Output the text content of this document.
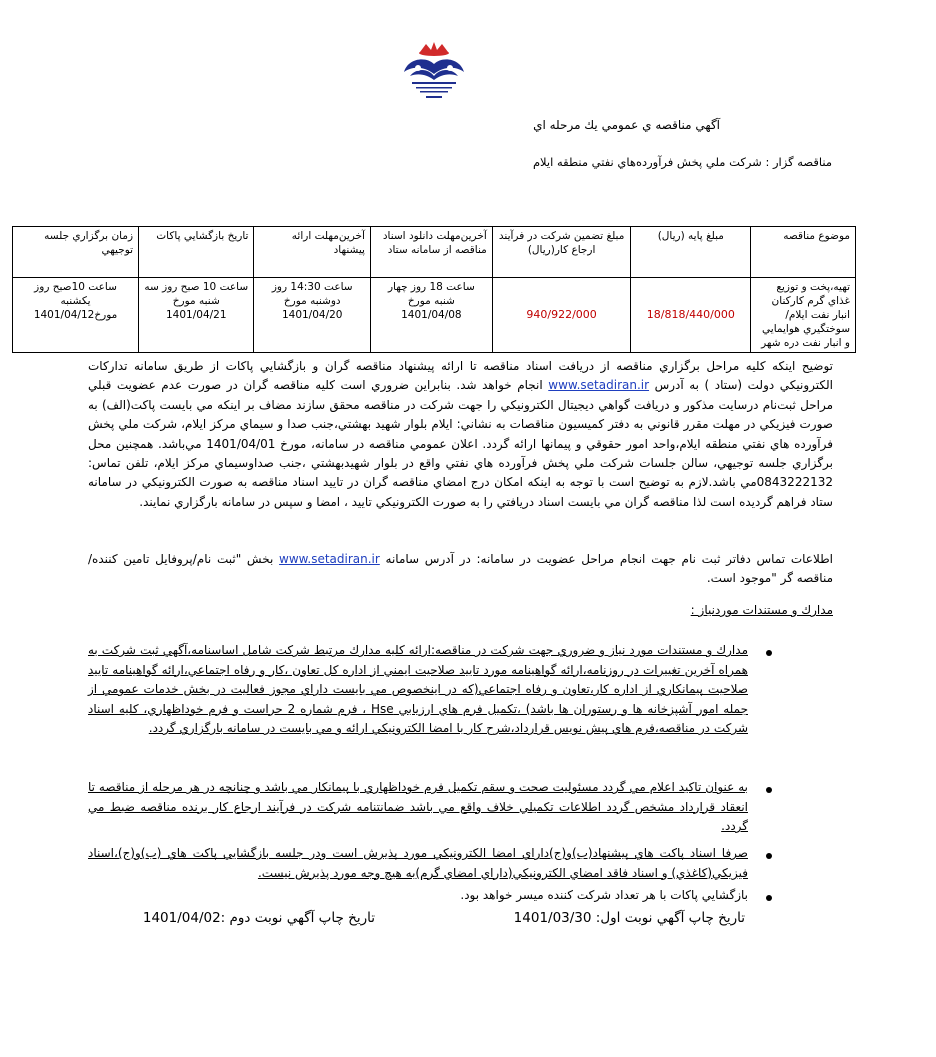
آگهي مناقصه ي عمومي يك مرحله اي
مناقصه گزار : شرکت ملي پخش فرآورده‌هاي نفتي منطقه ايلام
موضوع مناقصه	مبلغ پايه (ريال)	مبلغ تضمين شرکت در فرآيند ارجاع كار(ريال)	آخرين‌مهلت دانلود اسناد مناقصه از سامانه ستاد	آخرين‌مهلت ارائه پيشنهاد	تاريخ بازگشايي پاكات	زمان برگزاري جلسه توجيهي
تهيه،پخت و توزيع غذاي گرم كاركنان انبار نفت ايلام/سوختگيري هوايمايي و انبار نفت دره شهر	18/818/440/000	940/922/000	ساعت 18 روز چهار شنبه مورخ 1401/04/08	ساعت 14:30 روز دوشنبه مورخ 1401/04/20	ساعت 10 صبح روز سه شنبه مورخ 1401/04/21	ساعت 10صبح روز يكشنبه مورخ1401/04/12
توضيح اينكه كليه مراحل برگزاري مناقصه از دريافت اسناد مناقصه تا ارائه پيشنهاد مناقصه گران و بازگشايي پاكات از طريق سامانه تداركات الكترونيكي دولت (ستاد ) به آدرس www.setadiran.ir انجام خواهد شد. بنابراين ضروري است كليه مناقصه گران در صورت عدم عضويت قبلي مراحل ثبت‌نام درسايت مذكور و دريافت گواهي ديجيتال الكترونيكي را جهت شركت در مناقصه محقق سازند مضاف بر اينكه مي بايست پاكت(الف) به صورت فيزيكي در مهلت مقرر قانوني به دفتر كميسيون مناقصات به نشاني: ايلام بلوار شهيد بهشتي،جنب صدا و سيماي مركز ايلام، شركت ملي پخش فرآورده هاي نفتي منطقه ايلام،واحد امور حقوقي و پيمانها ارائه گردد. اعلان عمومي مناقصه در سامانه، مورخ 1401/04/01 مي‌باشد. همچنين محل برگزاري جلسه توجيهي، سالن جلسات شركت ملي پخش فرآورده هاي نفتي واقع در بلوار شهيدبهشتي ،جنب صداوسيماي مركز ايلام، تلفن تماس: 0843222132مي باشد.لازم به توضيح است با توجه به اينكه امكان درج امضاي مناقصه گران در تاييد اسناد مناقصه به صورت الكترونيكي در سامانه ستاد فراهم گرديده است لذا مناقصه گران مي بايست اسناد دريافتي را به صورت الكترونيكي تاييد ، امضا و سپس در سامانه بارگزاري نمايند.
اطلاعات تماس دفاتر ثبت نام جهت انجام مراحل عضويت در سامانه: در آدرس سامانه www.setadiran.ir بخش "ثبت نام/پروفايل تامين كننده/مناقصه گر "موجود است.
مدارك و مستندات موردنياز :
مدارك و مستندات مورد نياز و ضروري جهت شركت در مناقصه:ارائه كليه مدارك مرتبط شركت شامل اساسنامه،آگهي ثبت شركت به همراه آخرين تغييرات در روزنامه،ارائه گواهينامه مورد تاييد صلاحيت ايمني از اداره كل تعاون ،كار و رفاه اجتماعي،ارائه گواهينامه تاييد صلاحيت پيمانكاري از اداره كار،تعاون و رفاه اجتماعي(كه در اينخصوص مي بايست داراي مجوز فعاليت در بخش خدمات عمومي از جمله امور آشپزخانه ها و رستوران ها باشد) ،تكميل فرم هاي ارزيابي Hse ، فرم شماره 2 حراست و فرم خوداظهاري، كليه اسناد شركت در مناقصه،فرم هاي پيش نويس قرارداد،شرح كار با امضا الكترونيكي ارائه و مي بايست در سامانه بارگزاري گردد.
به عنوان تاكيد اعلام مي گردد مسئوليت صحت و سقم تكميل فرم خوداظهاري با پيمانكار مي باشد و چنانچه در هر مرحله از مناقصه تا انعقاد قرارداد مشخص گردد اطلاعات تكميلي خلاف واقع مي باشد ضمانتنامه شركت در فرآيند ارجاع كار برنده مناقصه ضبط مي گردد.
صرفا اسناد پاكت هاي پيشنهاد(ب)و(ج)داراي امضا الكترونيكي مورد پذيرش است ودر جلسه بازگشايي پاكت هاي (ب)و(ج)،اسناد فيزيكي(كاغذي) و اسناد فاقد امضاي الكترونيكي(داراي امضاي گرم)به هيچ وجه مورد پذيرش نيست.
بازگشايي پاكات با هر تعداد شركت كننده ميسر خواهد بود.
تاريخ چاپ آگهي نوبت اول: 1401/03/30
تاريخ چاپ آگهي نوبت دوم :1401/04/02
